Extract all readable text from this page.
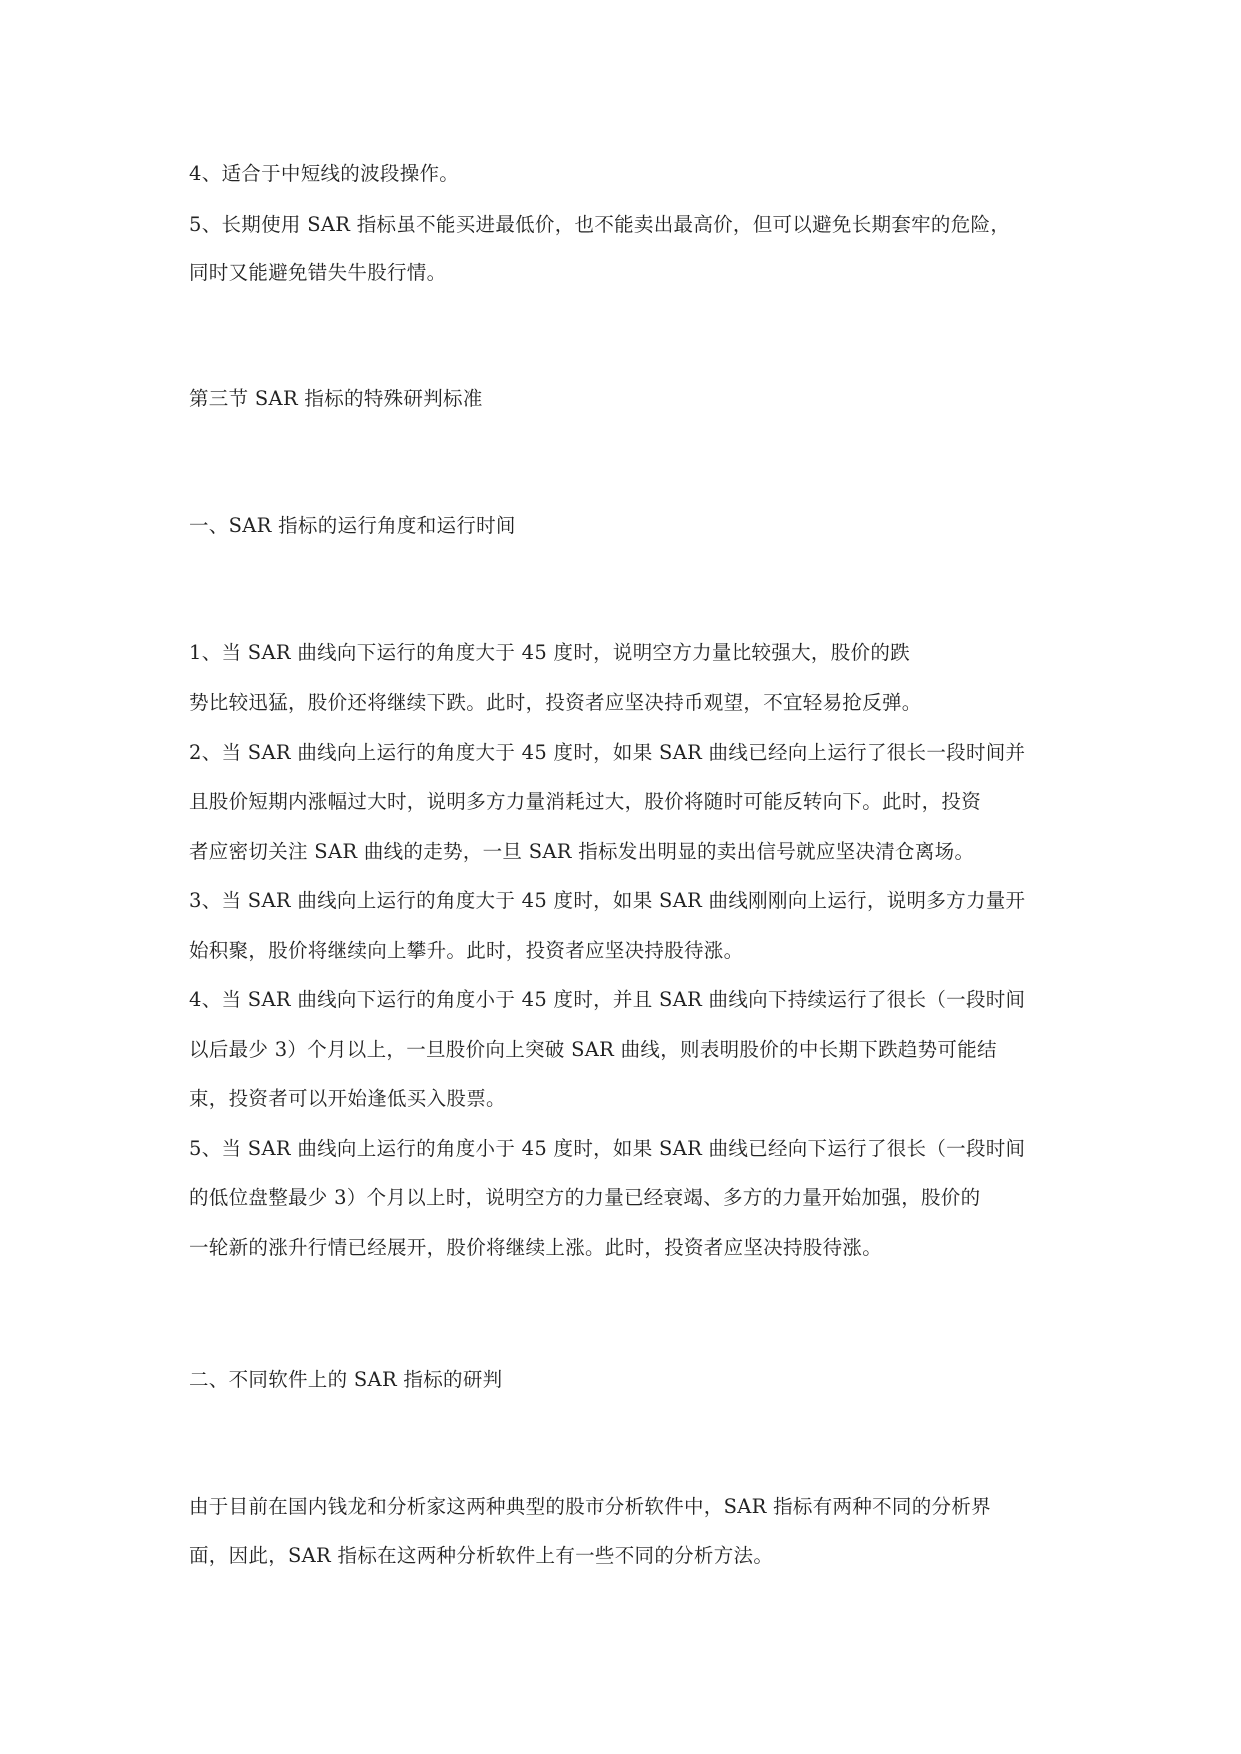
4、适合于中短线的波段操作。
5、长期使用 SAR 指标虽不能买进最低价，也不能卖出最高价，但可以避免长期套牢的危险，
同时又能避免错失牛股行情。
第三节 SAR 指标的特殊研判标准
一、SAR 指标的运行角度和运行时间
1、当 SAR 曲线向下运行的角度大于 45 度时，说明空方力量比较强大，股价的跌
势比较迅猛，股价还将继续下跌。此时，投资者应坚决持币观望，不宜轻易抢反弹。
2、当 SAR 曲线向上运行的角度大于 45 度时，如果 SAR 曲线已经向上运行了很长一段时间并
且股价短期内涨幅过大时，说明多方力量消耗过大，股价将随时可能反转向下。此时，投资
者应密切关注 SAR 曲线的走势，一旦 SAR 指标发出明显的卖出信号就应坚决清仓离场。
3、当 SAR 曲线向上运行的角度大于 45 度时，如果 SAR 曲线刚刚向上运行，说明多方力量开
始积聚，股价将继续向上攀升。此时，投资者应坚决持股待涨。
4、当 SAR 曲线向下运行的角度小于 45 度时，并且 SAR 曲线向下持续运行了很长（一段时间
以后最少 3）个月以上，一旦股价向上突破 SAR 曲线，则表明股价的中长期下跌趋势可能结
束，投资者可以开始逢低买入股票。
5、当 SAR 曲线向上运行的角度小于 45 度时，如果 SAR 曲线已经向下运行了很长（一段时间
的低位盘整最少 3）个月以上时，说明空方的力量已经衰竭、多方的力量开始加强，股价的
一轮新的涨升行情已经展开，股价将继续上涨。此时，投资者应坚决持股待涨。
二、不同软件上的 SAR 指标的研判
由于目前在国内钱龙和分析家这两种典型的股市分析软件中，SAR 指标有两种不同的分析界
面，因此，SAR 指标在这两种分析软件上有一些不同的分析方法。
